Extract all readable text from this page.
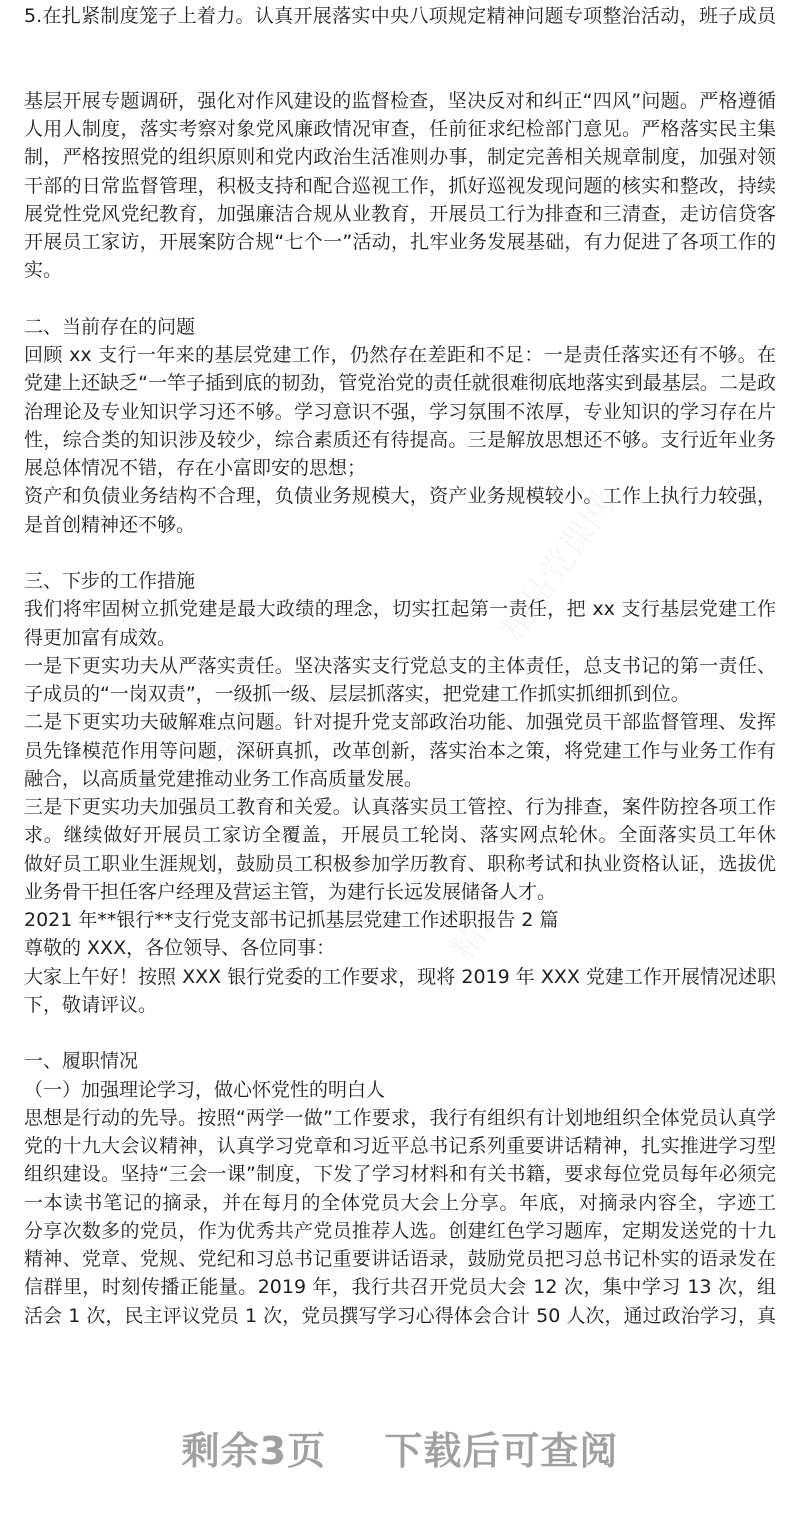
5.在扎紧制度笼子上着力。认真开展落实中央八项规定精神问题专项整治活动，班子成员
基层开展专题调研，强化对作风建设的监督检查，坚决反对和纠正“四风”问题。严格遵循
人用人制度，落实考察对象党风廉政情况审查，任前征求纪检部门意见。严格落实民主集
制，严格按照党的组织原则和党内政治生活准则办事，制定完善相关规章制度，加强对领
干部的日常监督管理，积极支持和配合巡视工作，抓好巡视发现问题的核实和整改，持续
展党性党风党纪教育，加强廉洁合规从业教育，开展员工行为排查和三清查，走访信贷客
开展员工家访，开展案防合规“七个一”活动，扎牢业务发展基础，有力促进了各项工作的
实。
二、当前存在的问题
回顾 xx 支行一年来的基层党建工作，仍然存在差距和不足：一是责任落实还有不够。在
党建上还缺乏“一竿子插到底的韧劲，管党治党的责任就很难彻底地落实到最基层。二是政
治理论及专业知识学习还不够。学习意识不强，学习氛围不浓厚，专业知识的学习存在片
性，综合类的知识涉及较少，综合素质还有待提高。三是解放思想还不够。支行近年业务
展总体情况不错，存在小富即安的思想；
资产和负债业务结构不合理，负债业务规模大，资产业务规模较小。工作上执行力较强，
是首创精神还不够。
三、下步的工作措施
我们将牢固树立抓党建是最大政绩的理念，切实扛起第一责任，把 xx 支行基层党建工作
得更加富有成效。
一是下更实功夫从严落实责任。坚决落实支行党总支的主体责任，总支书记的第一责任、
子成员的“一岗双责”，一级抓一级、层层抓落实，把党建工作抓实抓细抓到位。
二是下更实功夫破解难点问题。针对提升党支部政治功能、加强党员干部监督管理、发挥
员先锋模范作用等问题，深研真抓，改革创新，落实治本之策，将党建工作与业务工作有
融合，以高质量党建推动业务工作高质量发展。
三是下更实功夫加强员工教育和关爱。认真落实员工管控、行为排查，案件防控各项工作
求。继续做好开展员工家访全覆盖，开展员工轮岗、落实网点轮休。全面落实员工年休
做好员工职业生涯规划，鼓励员工积极参加学历教育、职称考试和执业资格认证，选拔优
业务骨干担任客户经理及营运主管，为建行长远发展储备人才。
2021 年**银行**支行党支部书记抓基层党建工作述职报告 2 篇
尊敬的 XXX，各位领导、各位同事：
大家上午好！按照 XXX 银行党委的工作要求，现将 2019 年 XXX 党建工作开展情况述职
下，敬请评议。
一、履职情况
（一）加强理论学习，做心怀党性的明白人
思想是行动的先导。按照“两学一做”工作要求，我行有组织有计划地组织全体党员认真学
党的十九大会议精神，认真学习党章和习近平总书记系列重要讲话精神，扎实推进学习型
组织建设。坚持“三会一课”制度，下发了学习材料和有关书籍，要求每位党员每年必须完
一本读书笔记的摘录，并在每月的全体党员大会上分享。年底，对摘录内容全，字迹工
分享次数多的党员，作为优秀共产党员推荐人选。创建红色学习题库，定期发送党的十九
精神、党章、党规、党纪和习总书记重要讲话语录，鼓励党员把习总书记朴实的语录发在
信群里，时刻传播正能量。2019 年，我行共召开党员大会 12 次，集中学习 13 次，组
活会 1 次，民主评议党员 1 次，党员撰写学习心得体会合计 50 人次，通过政治学习，真
剩余3页 下载后可查阅
